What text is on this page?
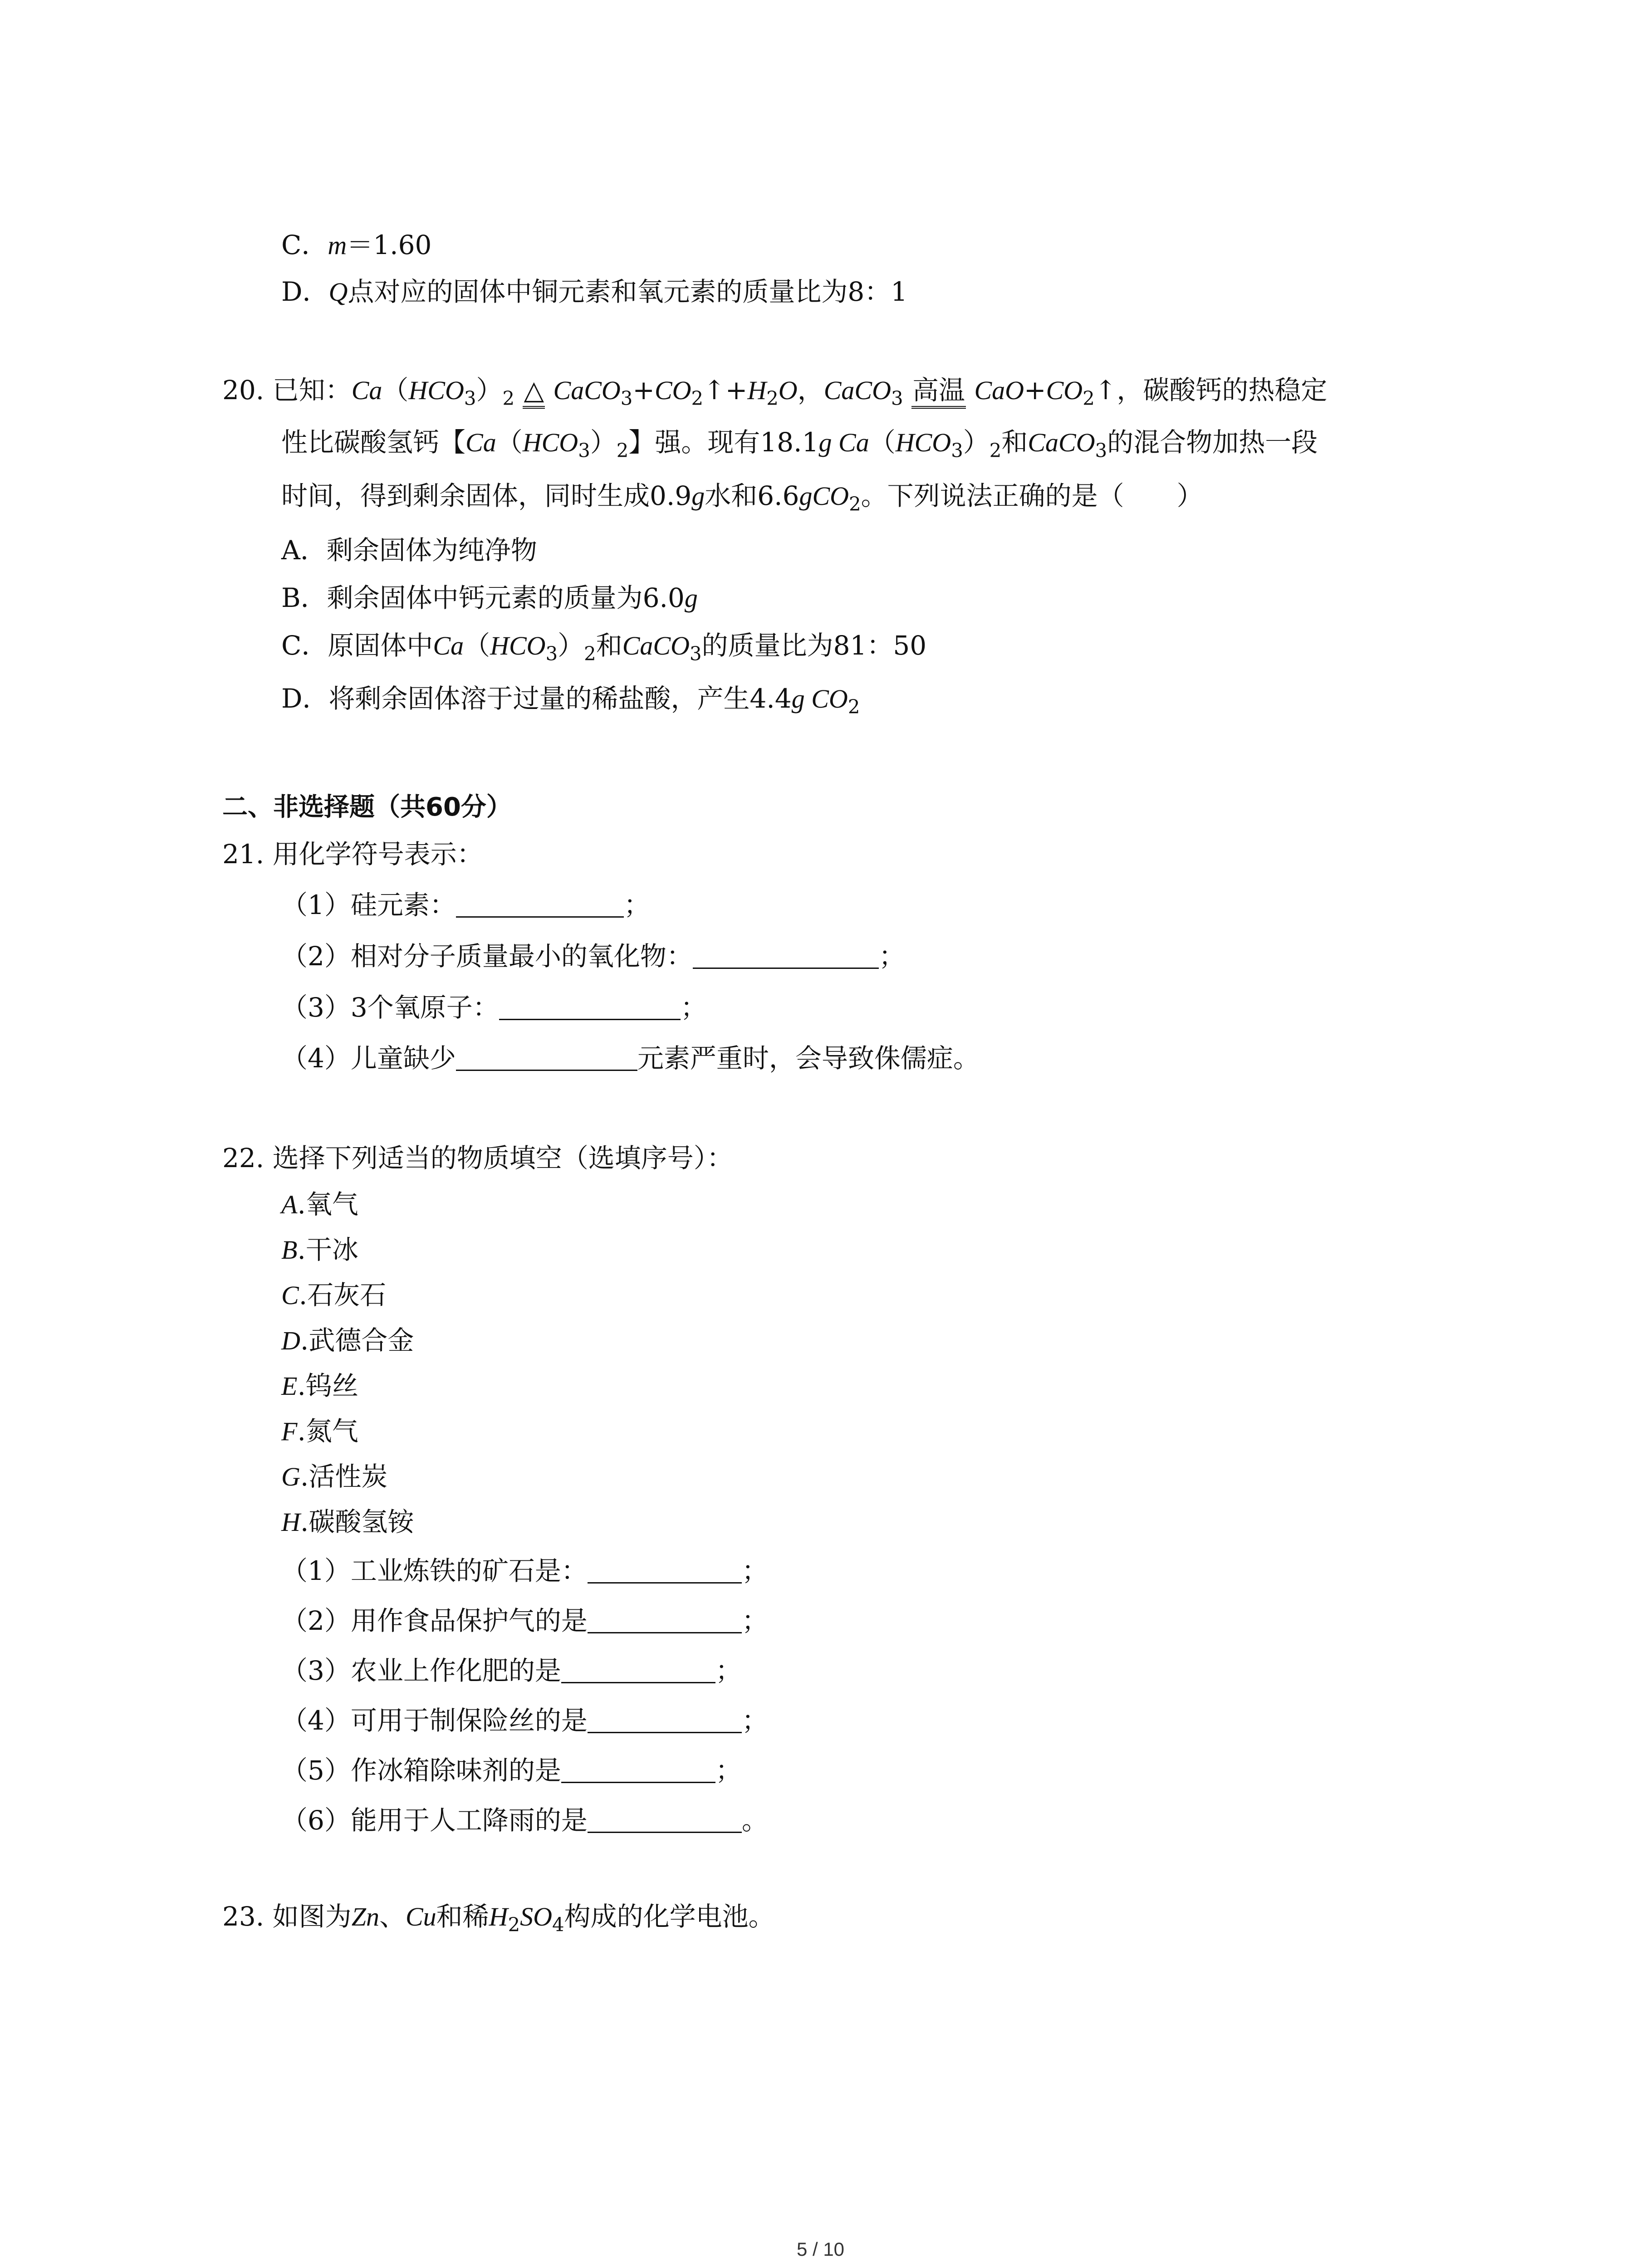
C．m＝1.60
D．Q点对应的固体中铜元素和氧元素的质量比为8：1
20. 已知：$Ca(HCO_3)_2$ △ $CaCO_3+CO_2↑+H_2O$，CaCO$_3$ 高温 $CaO+CO_2↑$，碳酸钙的热稳定
性比碳酸氢钙【$Ca(HCO_3)_2$】强。现有18.1g $Ca(HCO_3)_2$和CaCO$_3$的混合物加热一段
时间，得到剩余固体，同时生成0.9g水和6.6gCO$_2$。下列说法正确的是（　　）
A．剩余固体为纯净物
B．剩余固体中钙元素的质量为6.0g
C．原固体中$Ca(HCO_3)_2$和CaCO$_3$的质量比为81：50
D．将剩余固体溶于过量的稀盐酸，产生4.4g $CO_2$
二、非选择题（共60分）
21. 用化学符号表示：
（1）硅元素：	；
（2）相对分子质量最小的氧化物：	；
（3）3个氧原子：	；
（4）儿童缺少	元素严重时，会导致侏儒症。
22. 选择下列适当的物质填空（选填序号）：
A.氧气
B.干冰
C.石灰石
D.武德合金
E.钨丝
F.氮气
G.活性炭
H.碳酸氢铵
（1）工业炼铁的矿石是：	；
（2）用作食品保护气的是	；
（3）农业上作化肥的是	；
（4）可用于制保险丝的是	；
（5）作冰箱除味剂的是	；
（6）能用于人工降雨的是	。
23. 如图为Zn、Cu和稀$H_2SO_4$构成的化学电池。
5 / 10
